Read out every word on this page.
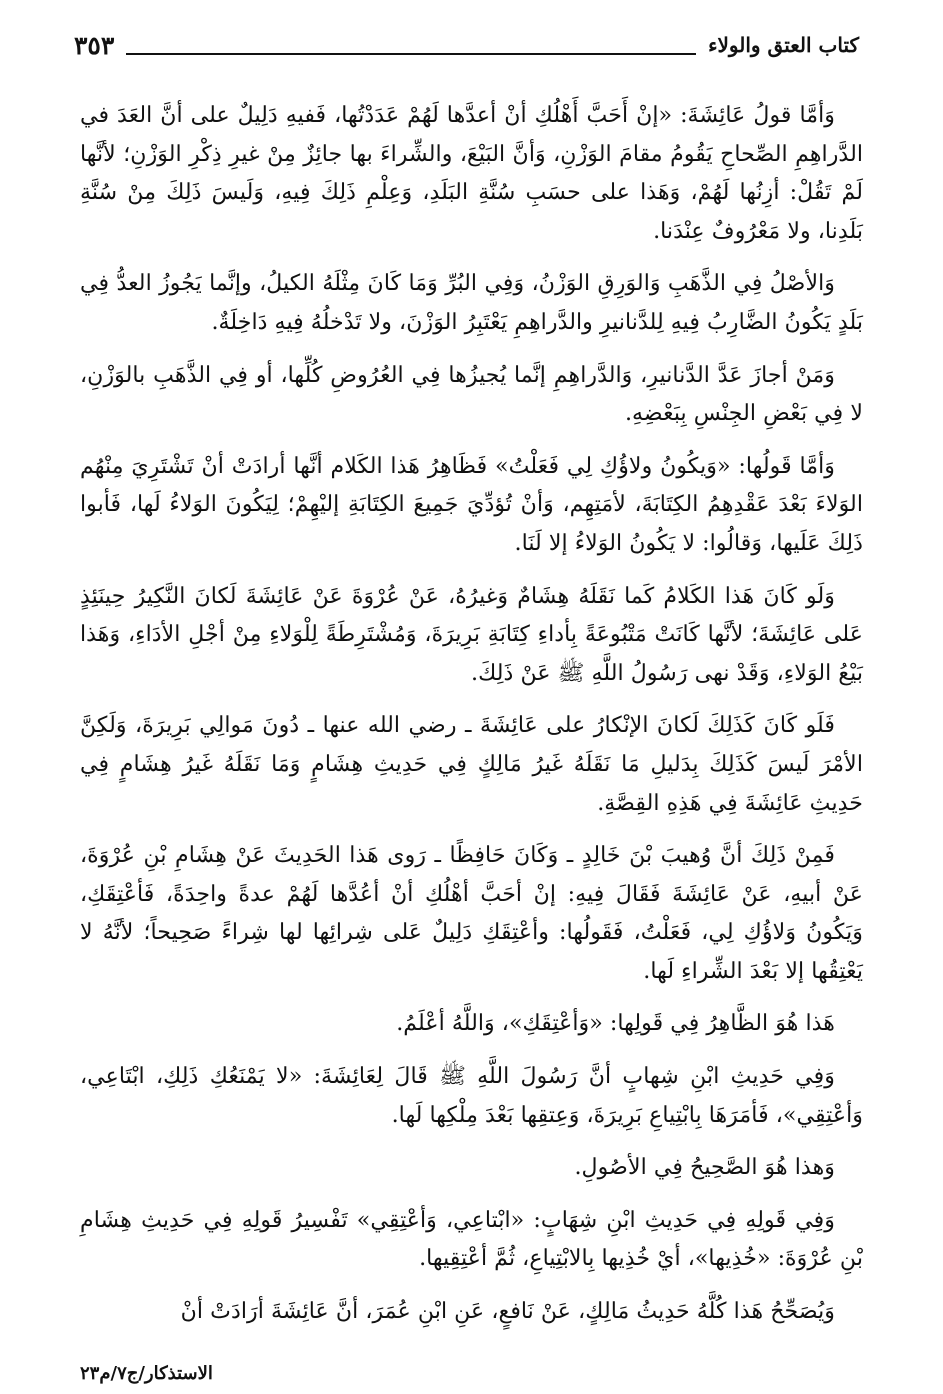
٣٥٣	كتاب العتق والولاء

وَأمَّا قولُ عَائِشَةَ: «إنْ أَحَبَّ أَهْلُكِ أنْ أعدَّها لَهُمْ عَدَدْتُها، فَفيهِ دَلِيلٌ على أنَّ العَدَ في الدَّراهِمِ الصِّحاحِ يَقُومُ مقامَ الوَزْنِ، وَأنَّ البَيْعَ، والشِّراءَ بها جائِزٌ مِنْ غيرِ ذِكْرِ الوَزْنِ؛ لأنَّها لَمْ تَقُلْ: أزِنُها لَهُمْ، وَهَذا على حسَبِ سُنَّةِ البَلَدِ، وَعِلْمِ ذَلِكَ فِيهِ، وَلَيسَ ذَلِكَ مِنْ سُنَّةِ بَلَدِنا، ولا مَعْرُوفٌ عِنْدَنا.

وَالأصْلُ فِي الذَّهَبِ وَالوَرِقِ الوَزْنُ، وَفِي البُرِّ وَمَا كَانَ مِثْلَهُ الكيلُ، وإنَّما يَجُوزُ العدُّ فِي بَلَدٍ يَكُونُ الضَّارِبُ فِيهِ لِلدَّنانيرِ والدَّراهِمِ يَعْتَبِرُ الوَزْنَ، ولا تَدْخلُهُ فِيهِ دَاخِلَةٌ.

وَمَنْ أجازَ عَدَّ الدَّنانيرِ، وَالدَّراهِمِ إنَّما يُجيزُها فِي العُرُوضِ كُلِّها، أو فِي الذَّهَبِ بالوَزْنِ، لا فِي بَعْضِ الجِنْسِ بِبَعْضِهِ.

وَأمَّا قَولُها: «وَيكُونُ ولاؤُكِ لِي فَعَلْتُ» فَظَاهِرُ هَذا الكَلام أنَّها أرادَتْ أنْ تَشْتَرِيَ مِنْهُم الوَلاءَ بَعْدَ عَقْدِهِمُ الكِتَابَةَ، لأمَتِهِم، وَأنْ تُؤدِّيَ جَمِيعَ الكِتَابَةِ إليْهِمْ؛ لِيَكُونَ الوَلاءُ لَها، فَأبوا ذَلِكَ عَلَيها، وَقالُوا: لا يَكُونُ الوَلاءُ إلا لَنَا.

وَلَو كَانَ هَذا الكَلامُ كَما نَقَلَهُ هِشَامٌ وَغيرُهُ، عَنْ عُرْوَةَ عَنْ عَائِشَةَ لَكانَ النَّكِيرُ حِينَئِذٍ عَلى عَائِشَةَ؛ لأنَّها كَانَتْ مَتْبُوعَةً بِأداءِ كِتَابَةِ بَرِيرَةَ، وَمُشْتَرِطَةً لِلْوَلاءِ مِنْ أجْلِ الأدَاءِ، وَهَذا بَيْعُ الوَلاءِ، وَقَدْ نهى رَسُولُ اللَّهِ ﷺ عَنْ ذَلِكَ.

فَلَو كَانَ كَذَلِكَ لَكانَ الإنْكارُ على عَائِشَةَ ـ رضي الله عنها ـ دُونَ مَوالِي بَرِيرَةَ، وَلَكِنَّ الأمْرَ لَيسَ كَذَلِكَ بِدَليلِ مَا نَقَلَهُ غَيرُ مَالِكٍ فِي حَدِيثِ هِشَامٍ وَمَا نَقَلَهُ غَيرُ هِشَامٍ فِي حَدِيثِ عَائِشَةَ فِي هَذِهِ القِصَّةِ.

فَمِنْ ذَلِكَ أنَّ وُهيبَ بْنَ خَالِدٍ ـ وَكَانَ حَافِظًا ـ رَوى هَذا الحَدِيثَ عَنْ هِشَامِ بْنِ عُرْوَةَ، عَنْ أبيهِ، عَنْ عَائِشَةَ فَقَالَ فِيهِ: إنْ أحَبَّ أهْلُكِ أنْ أعُدَّها لَهُمْ عدةً واحِدَةً، فَأعْتِقَكِ، وَيَكُونُ وَلاؤُكِ لِي، فَعَلْتُ، فَقَولُها: وأعْتِقَكِ دَلِيلٌ عَلى شِرائِها لها شِراءً صَحِيحاً؛ لأنَّهُ لا يَعْتِقُها إلا بَعْدَ الشِّراءِ لَها.

هَذا هُوَ الظَّاهِرُ فِي قَولِها: «وَأعْتِقَكِ»، وَاللَّهُ أعْلَمُ.

وَفِي حَدِيثِ ابْنِ شِهابٍ أنَّ رَسُولَ اللَّهِ ﷺ قَالَ لِعَائِشَةَ: «لا يَمْنَعُكِ ذَلِكِ، ابْتَاعِي، وَأعْتِقِي»، فَأمَرَهَا بِابْتِياعِ بَرِيرَةَ، وَعِتقِها بَعْدَ مِلْكِها لَها.

وَهذا هُوَ الصَّحِيحُ فِي الأصُولِ.

وَفِي قَولِهِ فِي حَدِيثِ ابْنِ شِهَابٍ: «ابْتاعِي، وَأعْتِقِي» تَفْسِيرُ قَولِهِ فِي حَدِيثِ هِشَامِ بْنِ عُرْوَةَ: «خُذِيها»، أيْ خُذِيها بِالابْتِياعِ، ثُمَّ أعْتِقِيها.

وَيُصَحِّحُ هَذا كُلَّهُ حَدِيثُ مَالِكٍ، عَنْ نَافعٍ، عَنِ ابْنِ عُمَرَ، أنَّ عَائِشَةَ أرَادَتْ أنْ

الاستذكار/ج٧/م٢٣
